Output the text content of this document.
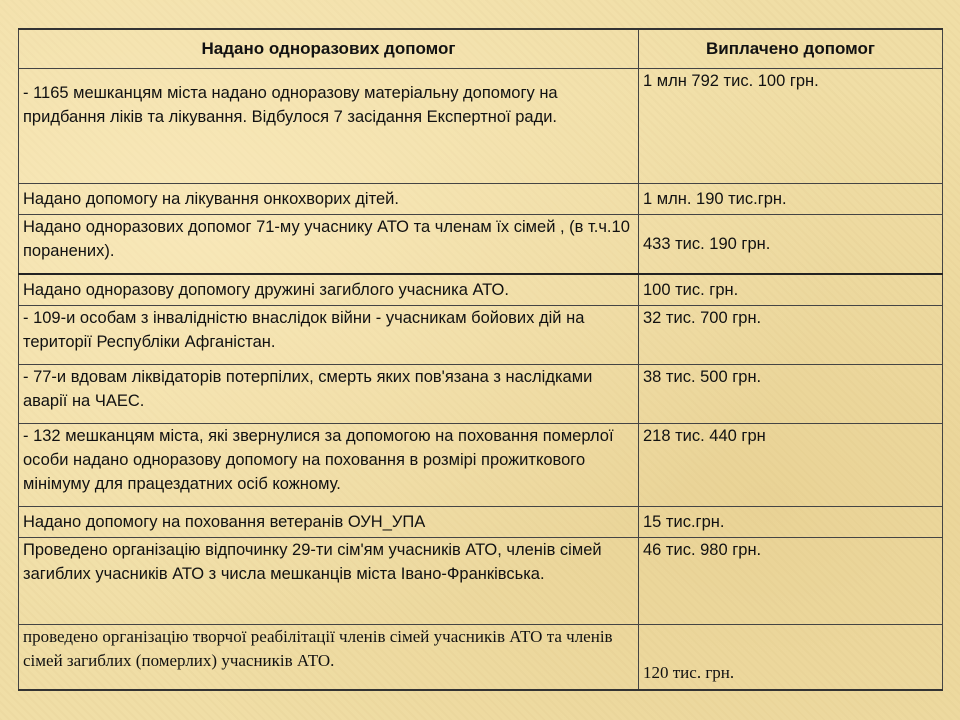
Надано одноразових допомог	Виплачено допомог
- 1165 мешканцям міста надано одноразову матеріальну допомогу на придбання ліків та лікування. Відбулося 7 засідання Експертної ради.	1 млн 792 тис. 100 грн.
Надано допомогу на лікування онкохворих дітей.	1 млн. 190 тис.грн.
Надано одноразових допомог 71-му учаснику АТО та членам їх сімей , (в т.ч.10 поранених).	433 тис. 190 грн.
Надано одноразову допомогу дружині загиблого учасника АТО.	100 тис. грн.
- 109-и особам з інвалідністю внаслідок війни - учасникам бойових дій на території Республіки Афганістан.	32 тис. 700 грн.
- 77-и вдовам ліквідаторів потерпілих, смерть яких пов'язана з наслідками аварії на ЧАЕС.	38 тис. 500 грн.
- 132 мешканцям міста, які звернулися за допомогою на поховання померлої особи надано одноразову допомогу на поховання в розмірі прожиткового мінімуму для працездатних осіб кожному.	218 тис. 440 грн
Надано допомогу на поховання ветеранів ОУН_УПА	15 тис.грн.
Проведено організацію відпочинку 29-ти сім'ям учасників АТО, членів сімей загиблих учасників АТО з числа мешканців міста Івано-Франківська.	46 тис. 980 грн.
проведено організацію творчої реабілітації членів сімей учасників АТО та членів сімей загиблих (померлих) учасників АТО.	120 тис. грн.
